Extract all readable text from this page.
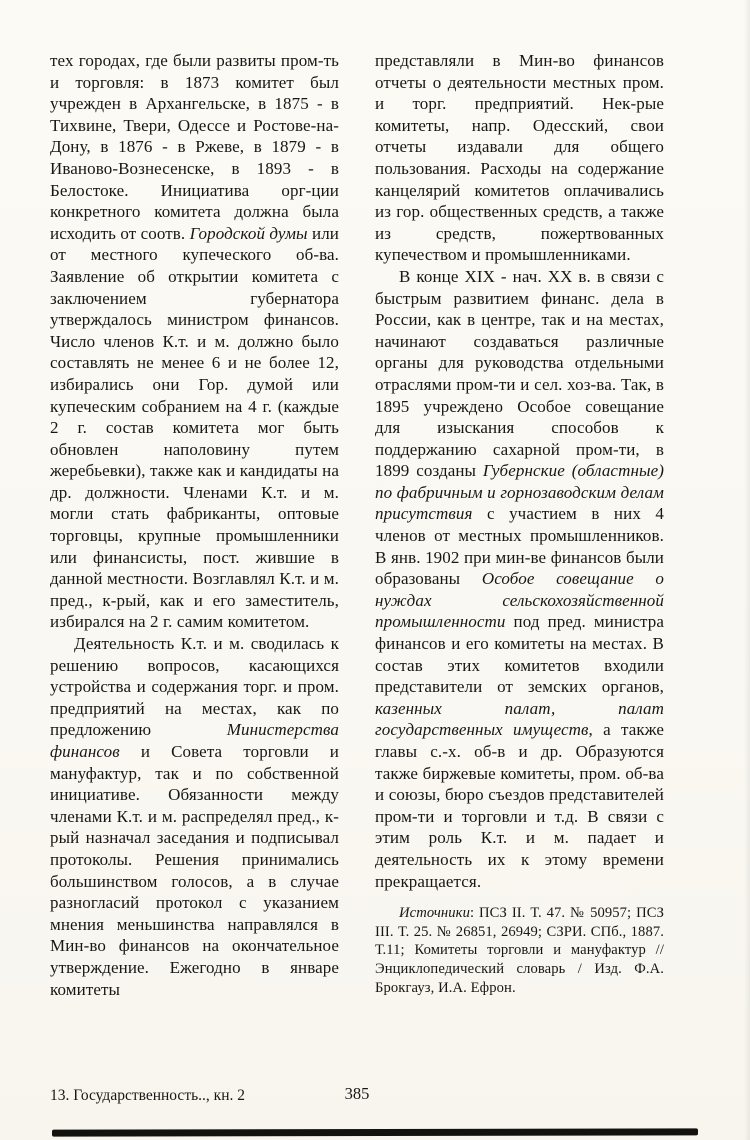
тех городах, где были развиты пром-ть и торговля: в 1873 комитет был учрежден в Архангельске, в 1875 - в Тихвине, Твери, Одессе и Ростове-на-Дону, в 1876 - в Ржеве, в 1879 - в Иваново-Вознесенске, в 1893 - в Белостоке. Инициатива орг-ции конкретного комитета должна была исходить от соотв. Городской думы или от местного купеческого об-ва. Заявление об открытии комитета с заключением губернатора утверждалось министром финансов. Число членов К.т. и м. должно было составлять не менее 6 и не более 12, избирались они Гор. думой или купеческим собранием на 4 г. (каждые 2 г. состав комитета мог быть обновлен наполовину путем жеребьевки), также как и кандидаты на др. должности. Членами К.т. и м. могли стать фабриканты, оптовые торговцы, крупные промышленники или финансисты, пост. жившие в данной местности. Возглавлял К.т. и м. пред., к-рый, как и его заместитель, избирался на 2 г. самим комитетом.

Деятельность К.т. и м. сводилась к решению вопросов, касающихся устройства и содержания торг. и пром. предприятий на местах, как по предложению Министерства финансов и Совета торговли и мануфактур, так и по собственной инициативе. Обязанности между членами К.т. и м. распределял пред., к-рый назначал заседания и подписывал протоколы. Решения принимались большинством голосов, а в случае разногласий протокол с указанием мнения меньшинства направлялся в Мин-во финансов на окончательное утверждение. Ежегодно в январе комитеты

представляли в Мин-во финансов отчеты о деятельности местных пром. и торг. предприятий. Нек-рые комитеты, напр. Одесский, свои отчеты издавали для общего пользования. Расходы на содержание канцелярий комитетов оплачивались из гор. общественных средств, а также из средств, пожертвованных купечеством и промышленниками.

В конце XIX - нач. XX в. в связи с быстрым развитием финанс. дела в России, как в центре, так и на местах, начинают создаваться различные органы для руководства отдельными отраслями пром-ти и сел. хоз-ва. Так, в 1895 учреждено Особое совещание для изыскания способов к поддержанию сахарной пром-ти, в 1899 созданы Губернские (областные) по фабричным и горнозаводским делам присутствия с участием в них 4 членов от местных промышленников. В янв. 1902 при мин-ве финансов были образованы Особое совещание о нуждах сельскохозяйственной промышленности под пред. министра финансов и его комитеты на местах. В состав этих комитетов входили представители от земских органов, казенных палат, палат государственных имуществ, а также главы с.-х. об-в и др. Образуются также биржевые комитеты, пром. об-ва и союзы, бюро съездов представителей пром-ти и торговли и т.д. В связи с этим роль К.т. и м. падает и деятельность их к этому времени прекращается.

Источники: ПСЗ II. Т. 47. № 50957; ПСЗ III. Т. 25. № 26851, 26949; СЗРИ. СПб., 1887. Т.11; Комитеты торговли и мануфактур // Энциклопедический словарь / Изд. Ф.А. Брокгауз, И.А. Ефрон.

13. Государственность.., кн. 2	385
